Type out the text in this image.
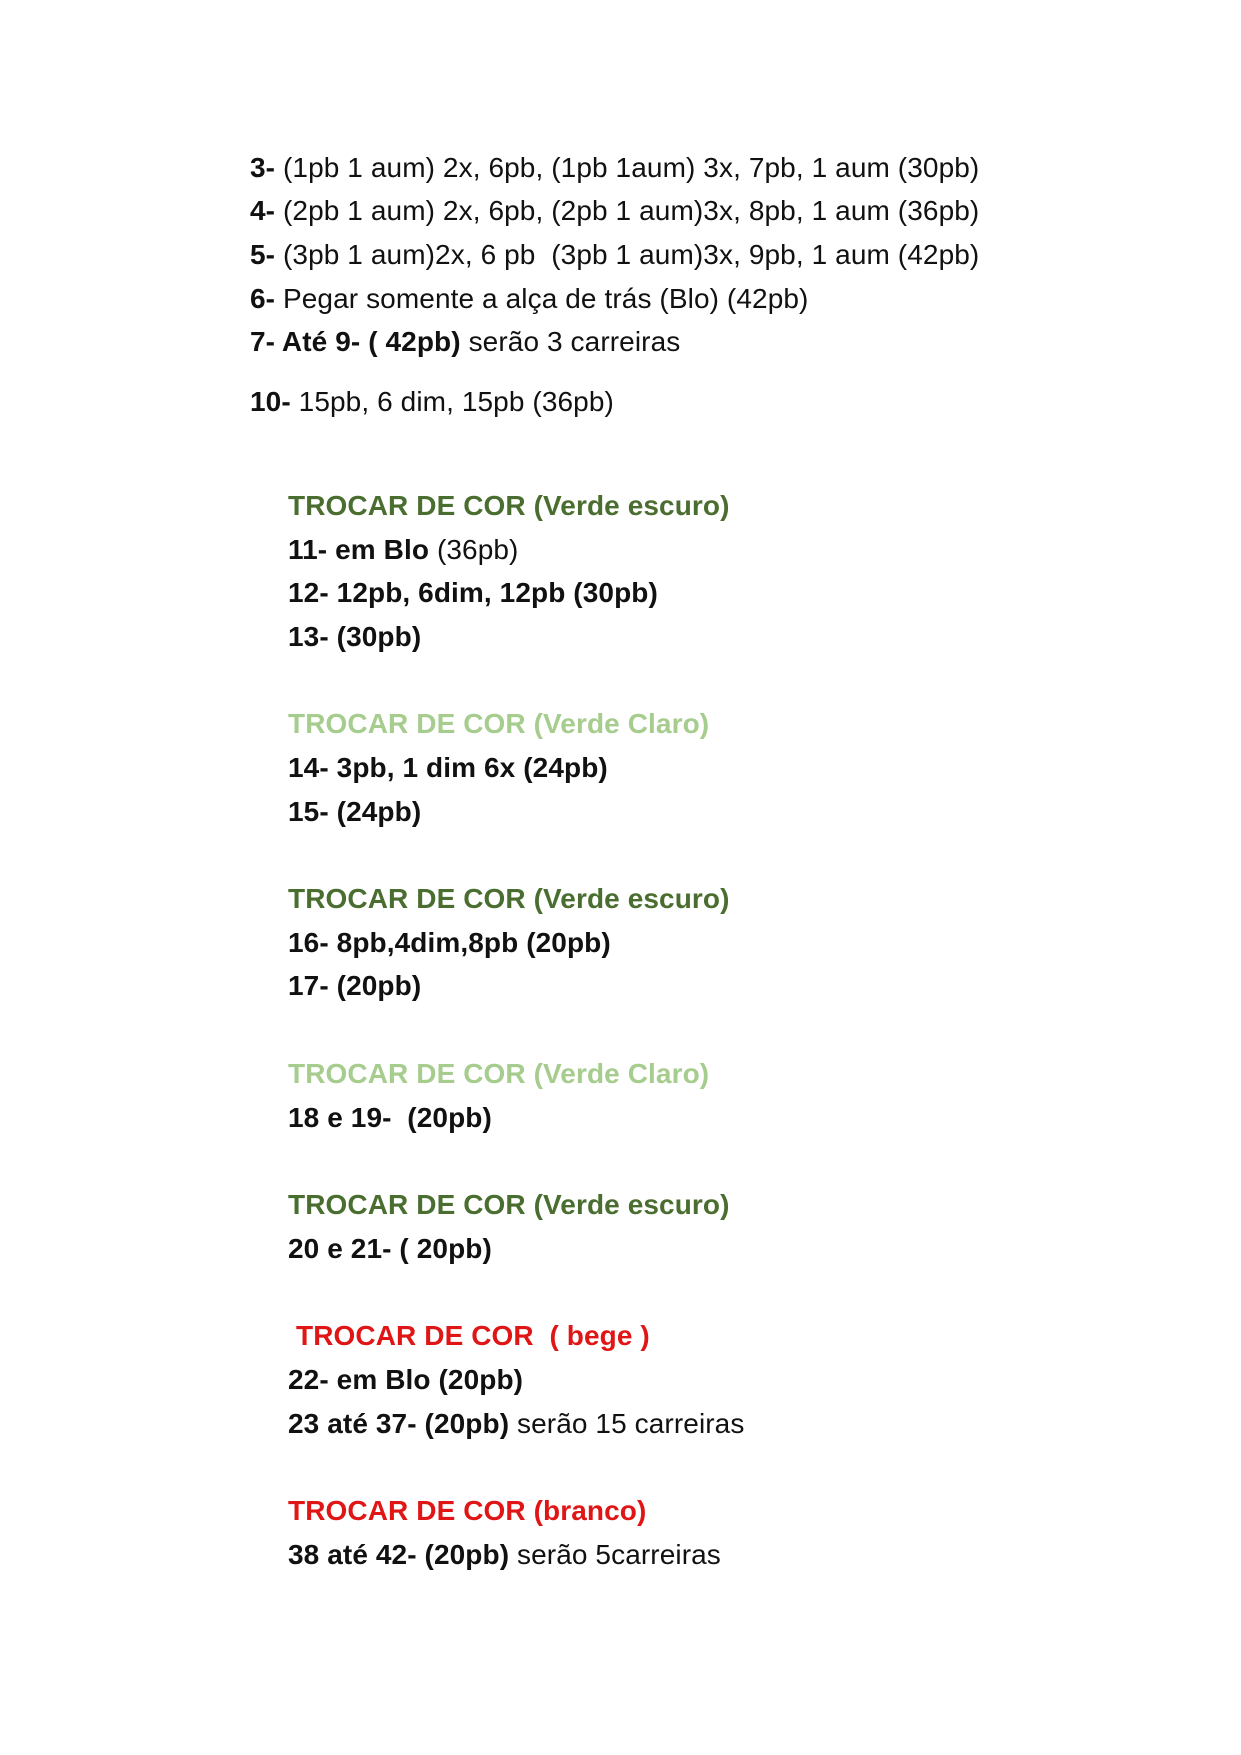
3- (1pb 1 aum) 2x, 6pb, (1pb 1aum) 3x, 7pb, 1 aum (30pb)
4- (2pb 1 aum) 2x, 6pb, (2pb 1 aum)3x, 8pb, 1 aum (36pb)
5- (3pb 1 aum)2x, 6 pb  (3pb 1 aum)3x, 9pb, 1 aum (42pb)
6- Pegar somente a alça de trás (Blo) (42pb)
7- Até 9- ( 42pb) serão 3 carreiras
10- 15pb, 6 dim, 15pb (36pb)
TROCAR DE COR (Verde escuro)
11- em Blo (36pb)
12- 12pb, 6dim, 12pb (30pb)
13- (30pb)
TROCAR DE COR (Verde Claro)
14- 3pb, 1 dim 6x (24pb)
15- (24pb)
TROCAR DE COR (Verde escuro)
16- 8pb,4dim,8pb (20pb)
17- (20pb)
TROCAR DE COR (Verde Claro)
18 e 19-  (20pb)
TROCAR DE COR (Verde escuro)
20 e 21- ( 20pb)
TROCAR DE COR  ( bege )
22- em Blo (20pb)
23 até 37- (20pb) serão 15 carreiras
TROCAR DE COR (branco)
38 até 42- (20pb) serão 5carreiras
